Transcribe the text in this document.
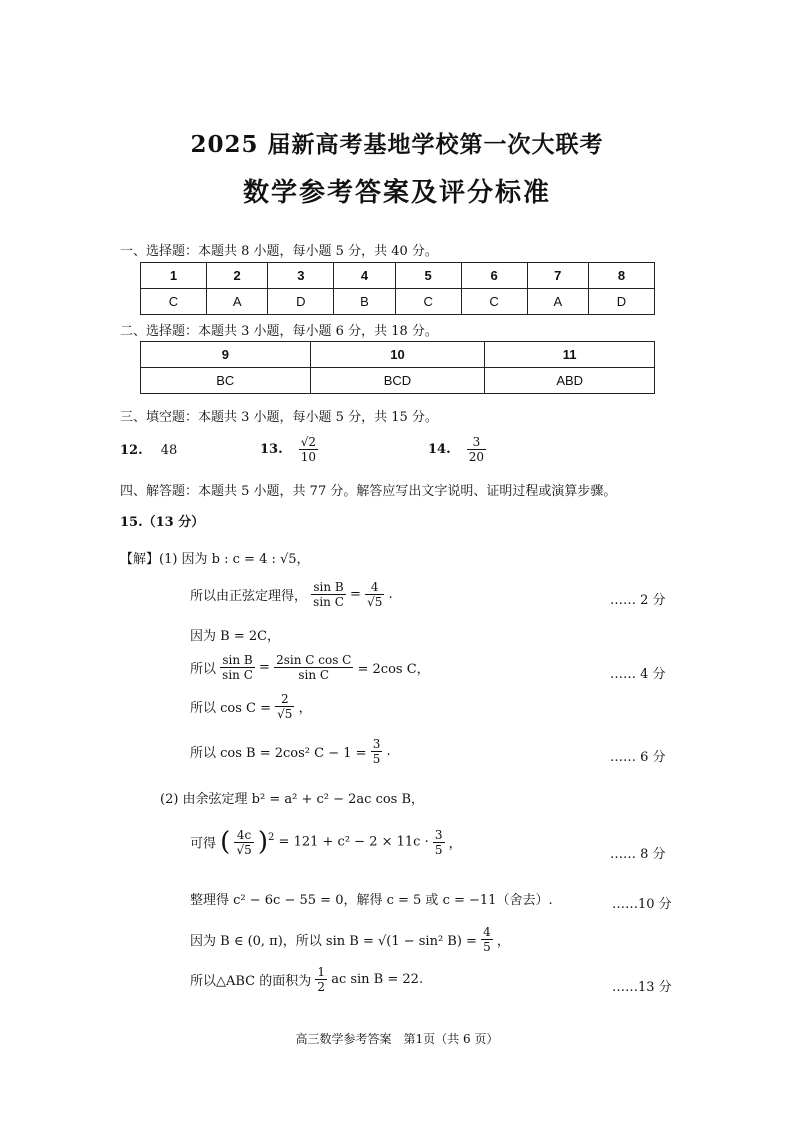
2025 届新高考基地学校第一次大联考
数学参考答案及评分标准
一、选择题：本题共 8 小题，每小题 5 分，共 40 分。
1	2	3	4	5	6	7	8
C	A	D	B	C	C	A	D
二、选择题：本题共 3 小题，每小题 6 分，共 18 分。
9	10	11
BC	BCD	ABD
三、填空题：本题共 3 小题，每小题 5 分，共 15 分。
12. 48	13. $\frac{√2}{10}$	14. $\frac{3}{20}$
四、解答题：本题共 5 小题，共 77 分。解答应写出文字说明、证明过程或演算步骤。
15.（13 分）
【解】(1) 因为 b : c = 4 : √5，
所以由正弦定理得， $\frac{\text{sin B}}{\text{sin C}} = \frac{4}{√5}$ .	…… 2 分
因为 B = 2C，
所以 $\frac{\text{sin B}}{\text{sin C}} = \frac{\text{2sin C cos C}}{\text{sin C}} = 2\cos$ C，	…… 4 分
所以 $\cos C = \frac{2}{√5}$ ，
所以 cos B = 2cos² $C - 1 = \frac{3}{5}$ .	…… 6 分
(2) 由余弦定理 b² = a² + c² − 2ac cos B，
可得 ( $\frac{4c}{√5} )^2 = 121 + c^2 - 2 \times 11c \cdot \frac{3}{5}$ ，
…… 8 分
整理得 c² − 6c − 55 = 0，解得 c = 5 或 c = −11（舍去）.	……10 分
因为 B ∈ (0, π)，所以 sin B = √(1 − sin² $B) = \frac{4}{5}$ ，
所以△ABC 的面积为 $\frac{1}{2}$ ac sin B = 22.
……13 分
高三数学参考答案　第1页（共 6 页）
